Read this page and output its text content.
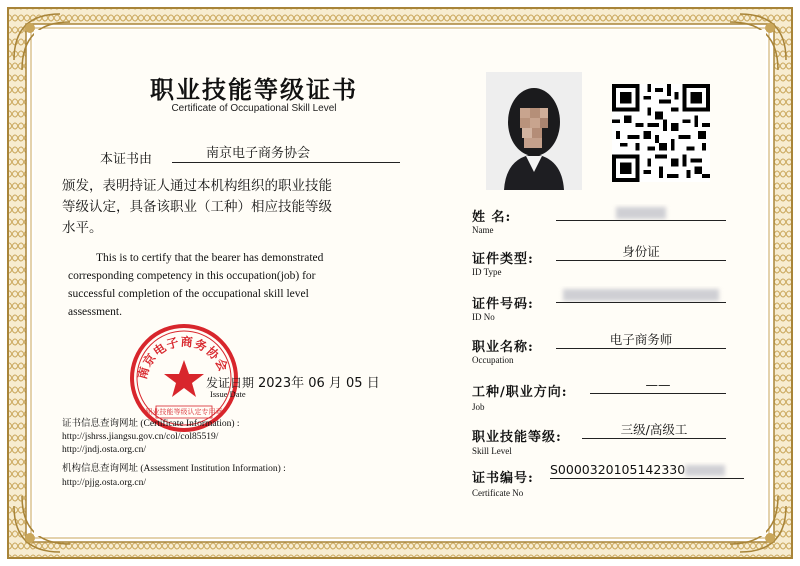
职业技能等级证书
Certificate of Occupational Skill Level
本证书由	南京电子商务协会
颁发，表明持证人通过本机构组织的职业技能
等级认定，具备该职业（工种）相应技能等级
水平。
This is to certify that the bearer has demonstrated
corresponding competency in this occupation(job) for
successful completion of the occupational skill level
assessment.
南京电子商务协会
职业技能等级认定专用章
发证日期 2023年 06 月 05 日
Issue Date
证书信息查询网址 (Certificate Information) :
http://jshrss.jiangsu.gov.cn/col/col85519/
http://jndj.osta.org.cn/
机构信息查询网址 (Assessment Institution Information) :
http://pjjg.osta.org.cn/
姓 名:
Name
证件类型:
ID Type
身份证
证件号码:
ID No
职业名称:
Occupation
电子商务师
工种/职业方向:
Job
——
职业技能等级:
Skill Level
三级/高级工
证书编号:
Certificate No
S0000320105142330
